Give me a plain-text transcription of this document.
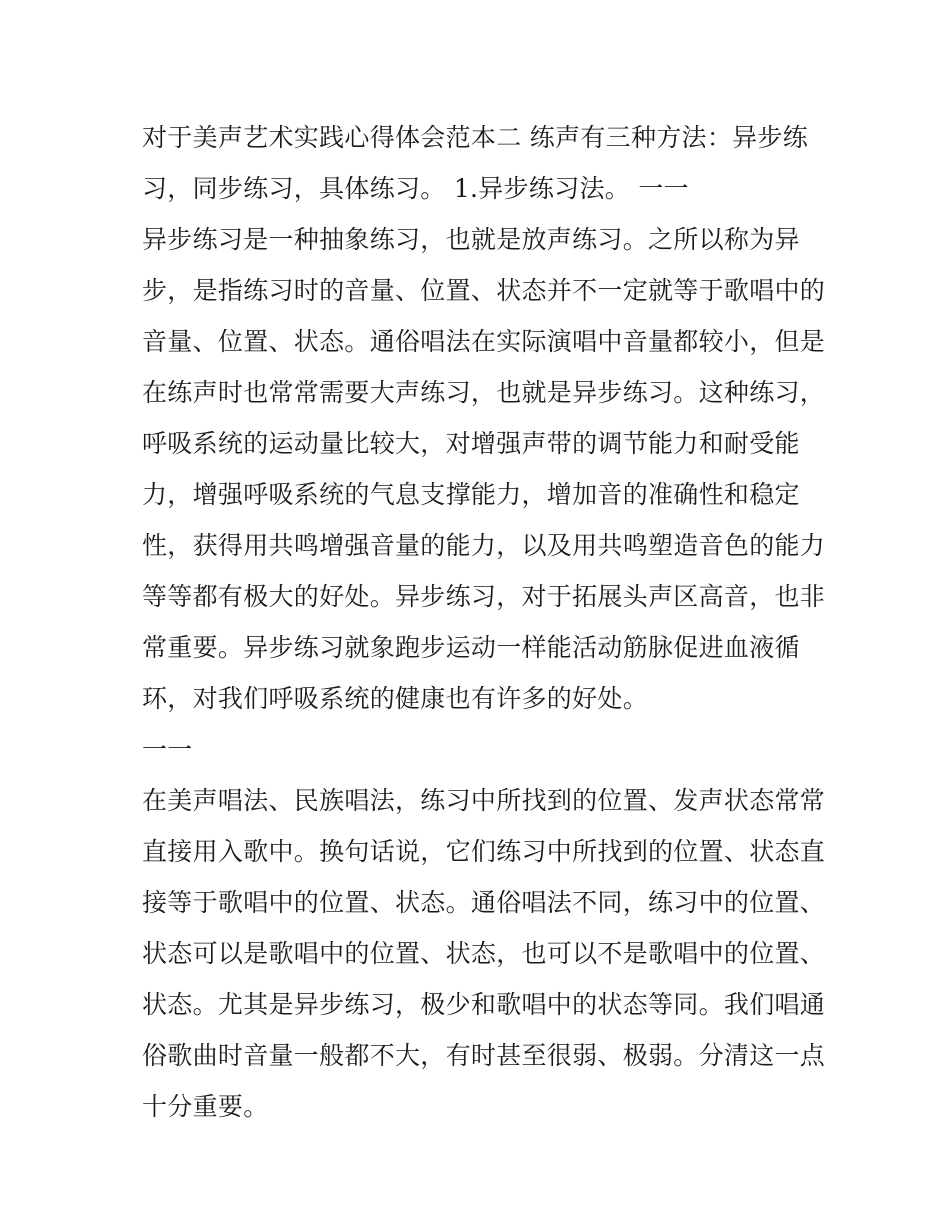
对于美声艺术实践心得体会范本二 练声有三种方法：异步练
习，同步练习，具体练习。 1.异步练习法。 一一
异步练习是一种抽象练习，也就是放声练习。之所以称为异
步，是指练习时的音量、位置、状态并不一定就等于歌唱中的
音量、位置、状态。通俗唱法在实际演唱中音量都较小，但是
在练声时也常常需要大声练习，也就是异步练习。这种练习，
呼吸系统的运动量比较大，对增强声带的调节能力和耐受能
力，增强呼吸系统的气息支撑能力，增加音的准确性和稳定
性，获得用共鸣增强音量的能力，以及用共鸣塑造音色的能力
等等都有极大的好处。异步练习，对于拓展头声区高音，也非
常重要。异步练习就象跑步运动一样能活动筋脉促进血液循
环，对我们呼吸系统的健康也有许多的好处。
一一
在美声唱法、民族唱法，练习中所找到的位置、发声状态常常
直接用入歌中。换句话说，它们练习中所找到的位置、状态直
接等于歌唱中的位置、状态。通俗唱法不同，练习中的位置、
状态可以是歌唱中的位置、状态，也可以不是歌唱中的位置、
状态。尤其是异步练习，极少和歌唱中的状态等同。我们唱通
俗歌曲时音量一般都不大，有时甚至很弱、极弱。分清这一点
十分重要。
